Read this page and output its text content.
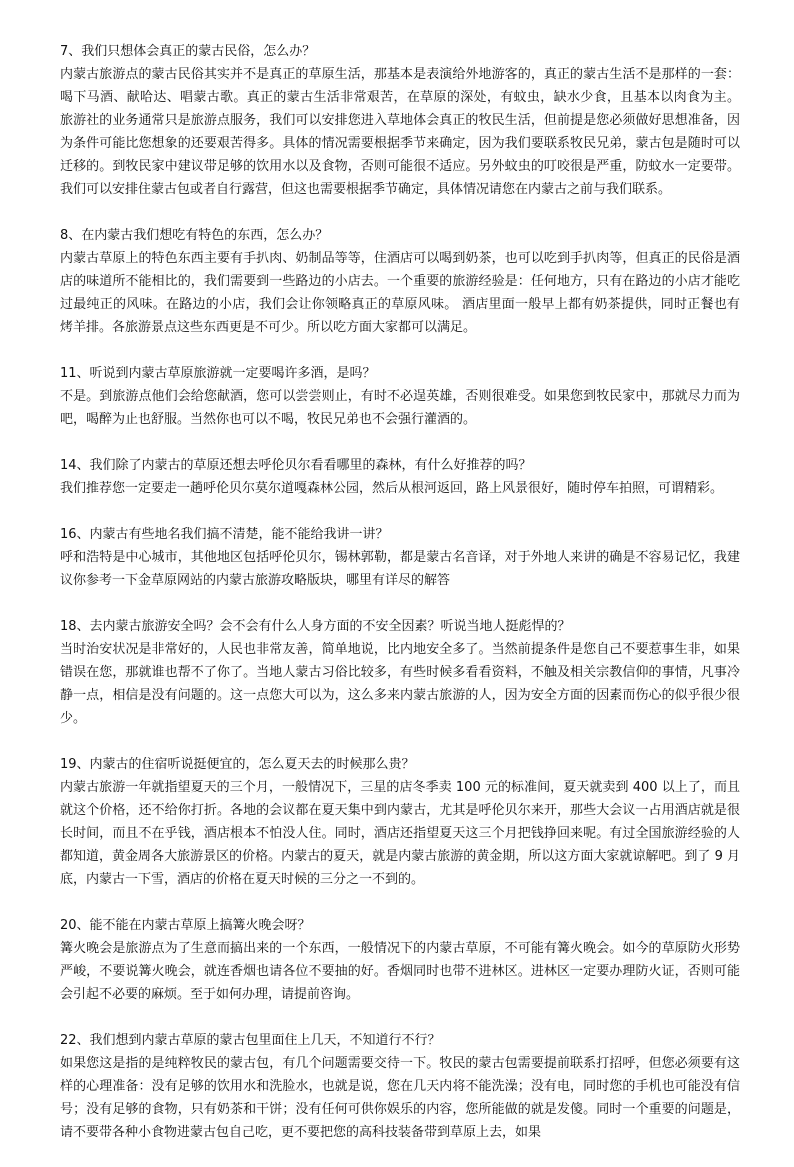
7、我们只想体会真正的蒙古民俗，怎么办？

内蒙古旅游点的蒙古民俗其实并不是真正的草原生活，那基本是表演给外地游客的，真正的蒙古生活不是那样的一套：喝下马酒、献哈达、唱蒙古歌。真正的蒙古生活非常艰苦，在草原的深处，有蚊虫，缺水少食，且基本以肉食为主。 旅游社的业务通常只是旅游点服务，我们可以安排您进入草地体会真正的牧民生活，但前提是您必须做好思想准备，因为条件可能比您想象的还要艰苦得多。具体的情况需要根据季节来确定，因为我们要联系牧民兄弟，蒙古包是随时可以迁移的。到牧民家中建议带足够的饮用水以及食物，否则可能很不适应。另外蚊虫的叮咬很是严重，防蚊水一定要带。 我们可以安排住蒙古包或者自行露营，但这也需要根据季节确定，具体情况请您在内蒙古之前与我们联系。

8、在内蒙古我们想吃有特色的东西，怎么办？

内蒙古草原上的特色东西主要有手扒肉、奶制品等等，住酒店可以喝到奶茶，也可以吃到手扒肉等，但真正的民俗是酒店的味道所不能相比的，我们需要到一些路边的小店去。一个重要的旅游经验是：任何地方，只有在路边的小店才能吃过最纯正的风味。在路边的小店，我们会让你领略真正的草原风味。 酒店里面一般早上都有奶茶提供，同时正餐也有烤羊排。各旅游景点这些东西更是不可少。所以吃方面大家都可以满足。

11、听说到内蒙古草原旅游就一定要喝许多酒，是吗？

不是。到旅游点他们会给您献酒，您可以尝尝则止，有时不必逞英雄，否则很难受。如果您到牧民家中，那就尽力而为吧，喝醉为止也舒服。当然你也可以不喝，牧民兄弟也不会强行灌酒的。

14、我们除了内蒙古的草原还想去呼伦贝尔看看哪里的森林，有什么好推荐的吗？

我们推荐您一定要走一趟呼伦贝尔莫尔道嘎森林公园，然后从根河返回，路上风景很好，随时停车拍照，可谓精彩。

16、内蒙古有些地名我们搞不清楚，能不能给我讲一讲？

呼和浩特是中心城市，其他地区包括呼伦贝尔，锡林郭勒，都是蒙古名音译，对于外地人来讲的确是不容易记忆，我建议你参考一下金草原网站的内蒙古旅游攻略版块，哪里有详尽的解答

18、去内蒙古旅游安全吗？会不会有什么人身方面的不安全因素？听说当地人挺彪悍的？

当时治安状况是非常好的，人民也非常友善，简单地说，比内地安全多了。当然前提条件是您自己不要惹事生非，如果错误在您，那就谁也帮不了你了。当地人蒙古习俗比较多，有些时候多看看资料，不触及相关宗教信仰的事情，凡事冷静一点，相信是没有问题的。这一点您大可以为，这么多来内蒙古旅游的人，因为安全方面的因素而伤心的似乎很少很少。

19、内蒙古的住宿听说挺便宜的，怎么夏天去的时候那么贵？

内蒙古旅游一年就指望夏天的三个月，一般情况下，三星的店冬季卖 100 元的标准间，夏天就卖到 400 以上了，而且就这个价格，还不给你打折。各地的会议都在夏天集中到内蒙古，尤其是呼伦贝尔来开，那些大会议一占用酒店就是很长时间，而且不在乎钱，酒店根本不怕没人住。同时，酒店还指望夏天这三个月把钱挣回来呢。有过全国旅游经验的人都知道，黄金周各大旅游景区的价格。内蒙古的夏天，就是内蒙古旅游的黄金期，所以这方面大家就谅解吧。到了 9 月底，内蒙古一下雪，酒店的价格在夏天时候的三分之一不到的。

20、能不能在内蒙古草原上搞篝火晚会呀？

篝火晚会是旅游点为了生意而搞出来的一个东西，一般情况下的内蒙古草原，不可能有篝火晚会。如今的草原防火形势严峻，不要说篝火晚会，就连香烟也请各位不要抽的好。香烟同时也带不进林区。进林区一定要办理防火证，否则可能会引起不必要的麻烦。至于如何办理，请提前咨询。

22、我们想到内蒙古草原的蒙古包里面住上几天，不知道行不行？

如果您这是指的是纯粹牧民的蒙古包，有几个问题需要交待一下。牧民的蒙古包需要提前联系打招呼，但您必须要有这样的心理准备：没有足够的饮用水和洗脸水，也就是说，您在几天内将不能洗澡；没有电，同时您的手机也可能没有信号；没有足够的食物，只有奶茶和干饼；没有任何可供你娱乐的内容，您所能做的就是发傻。同时一个重要的问题是，请不要带各种小食物进蒙古包自己吃，更不要把您的高科技装备带到草原上去，如果
